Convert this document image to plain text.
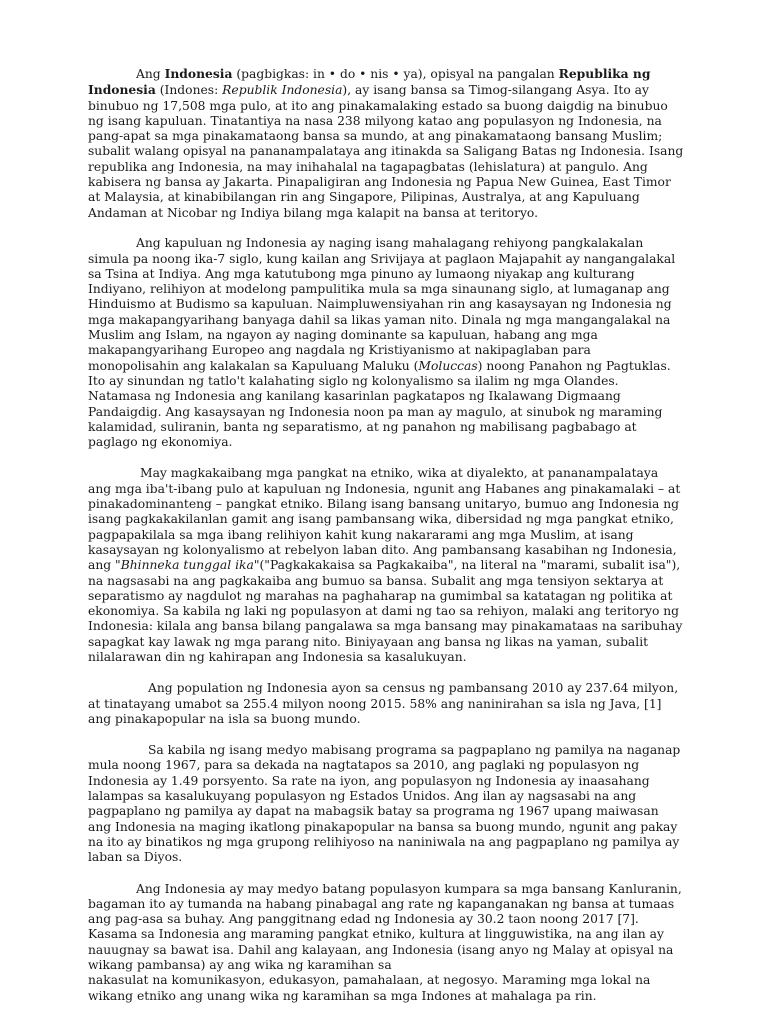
Ang Indonesia (pagbigkas: in • do • nis • ya), opisyal na pangalan Republika ng Indonesia (Indones: Republik Indonesia), ay isang bansa sa Timog-silangang Asya. Ito ay binubuo ng 17,508 mga pulo, at ito ang pinakamalaking estado sa buong daigdig na binubuo ng isang kapuluan. Tinatantiya na nasa 238 milyong katao ang populasyon ng Indonesia, na pang-apat sa mga pinakamataong bansa sa mundo, at ang pinakamataong bansang Muslim; subalit walang opisyal na pananampalataya ang itinakda sa Saligang Batas ng Indonesia. Isang republika ang Indonesia, na may inihahalal na tagapagbatas (lehislatura) at pangulo. Ang kabisera ng bansa ay Jakarta. Pinapaligiran ang Indonesia ng Papua New Guinea, East Timor at Malaysia, at kinabibilangan rin ang Singapore, Pilipinas, Australya, at ang Kapuluang Andaman at Nicobar ng Indiya bilang mga kalapit na bansa at teritoryo.

Ang kapuluan ng Indonesia ay naging isang mahalagang rehiyong pangkalakalan simula pa noong ika-7 siglo, kung kailan ang Srivijaya at paglaon Majapahit ay nangangalakal sa Tsina at Indiya. Ang mga katutubong mga pinuno ay lumaong niyakap ang kulturang Indiyano, relihiyon at modelong pampulitika mula sa mga sinaunang siglo, at lumaganap ang Hinduismo at Budismo sa kapuluan. Naimpluwensiyahan rin ang kasaysayan ng Indonesia ng mga makapangyarihang banyaga dahil sa likas yaman nito. Dinala ng mga mangangalakal na Muslim ang Islam, na ngayon ay naging dominante sa kapuluan, habang ang mga makapangyarihang Europeo ang nagdala ng Kristiyanismo at nakipaglaban para monopolisahin ang kalakalan sa Kapuluang Maluku (Moluccas) noong Panahon ng Pagtuklas. Ito ay sinundan ng tatlo't kalahating siglo ng kolonyalismo sa ilalim ng mga Olandes. Natamasa ng Indonesia ang kanilang kasarinlan pagkatapos ng Ikalawang Digmaang Pandaigdig. Ang kasaysayan ng Indonesia noon pa man ay magulo, at sinubok ng maraming kalamidad, suliranin, banta ng separatismo, at ng panahon ng mabilisang pagbabago at paglago ng ekonomiya.

May magkakaibang mga pangkat na etniko, wika at diyalekto, at pananampalataya ang mga iba't-ibang pulo at kapuluan ng Indonesia, ngunit ang Habanes ang pinakamalaki – at pinakadominanteng – pangkat etniko. Bilang isang bansang unitaryo, bumuo ang Indonesia ng isang pagkakakilanlan gamit ang isang pambansang wika, dibersidad ng mga pangkat etniko, pagpapakilala sa mga ibang relihiyon kahit kung nakararami ang mga Muslim, at isang kasaysayan ng kolonyalismo at rebelyon laban dito. Ang pambansang kasabihan ng Indonesia, ang "Bhinneka tunggal ika"("Pagkakakaisa sa Pagkakaiba", na literal na "marami, subalit isa"), na nagsasabi na ang pagkakaiba ang bumuo sa bansa. Subalit ang mga tensiyon sektarya at separatismo ay nagdulot ng marahas na paghaharap na gumimbal sa katatagan ng politika at ekonomiya. Sa kabila ng laki ng populasyon at dami ng tao sa rehiyon, malaki ang teritoryo ng Indonesia: kilala ang bansa bilang pangalawa sa mga bansang may pinakamataas na saribuhay sapagkat kay lawak ng mga parang nito. Biniyayaan ang bansa ng likas na yaman, subalit nilalarawan din ng kahirapan ang Indonesia sa kasalukuyan.

Ang population ng Indonesia ayon sa census ng pambansang 2010 ay 237.64 milyon, at tinatayang umabot sa 255.4 milyon noong 2015. 58% ang naninirahan sa isla ng Java, [1] ang pinakapopular na isla sa buong mundo.

Sa kabila ng isang medyo mabisang programa sa pagpaplano ng pamilya na naganap mula noong 1967, para sa dekada na nagtatapos sa 2010, ang paglaki ng populasyon ng Indonesia ay 1.49 porsyento. Sa rate na iyon, ang populasyon ng Indonesia ay inaasahang lalampas sa kasalukuyang populasyon ng Estados Unidos. Ang ilan ay nagsasabi na ang pagpaplano ng pamilya ay dapat na mabagsik batay sa programa ng 1967 upang maiwasan ang Indonesia na maging ikatlong pinakapopular na bansa sa buong mundo, ngunit ang pakay na ito ay binatikos ng mga grupong relihiyoso na naniniwala na ang pagpaplano ng pamilya ay laban sa Diyos.

Ang Indonesia ay may medyo batang populasyon kumpara sa mga bansang Kanluranin, bagaman ito ay tumanda na habang pinabagal ang rate ng kapanganakan ng bansa at tumaas ang pag-asa sa buhay. Ang panggitnang edad ng Indonesia ay 30.2 taon noong 2017 [7]. Kasama sa Indonesia ang maraming pangkat etniko, kultura at lingguwistika, na ang ilan ay nauugnay sa bawat isa. Dahil ang kalayaan, ang Indonesia (isang anyo ng Malay at opisyal na wikang pambansa) ay ang wika ng karamihan sa
nakasulat na komunikasyon, edukasyon, pamahalaan, at negosyo. Maraming mga lokal na wikang etniko ang unang wika ng karamihan sa mga Indones at mahalaga pa rin.
